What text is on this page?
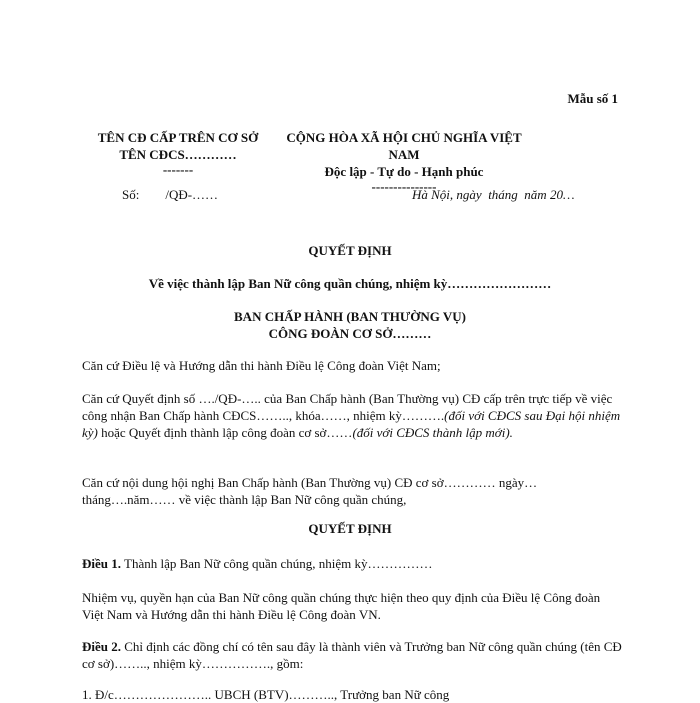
Mẫu số 1
TÊN CĐ CẤP TRÊN CƠ SỞ
TÊN CĐCS…………
-------
CỘNG HÒA XÃ HỘI CHỦ NGHĨA VIỆT NAM
Độc lập - Tự do - Hạnh phúc
---------------
Số:        /QĐ-……	Hà Nội, ngày  tháng  năm 20…
QUYẾT ĐỊNH
Về việc thành lập Ban Nữ công quần chúng, nhiệm kỳ……………………
BAN CHẤP HÀNH (BAN THƯỜNG VỤ)
CÔNG ĐOÀN CƠ SỞ………
Căn cứ Điều lệ và Hướng dẫn thi hành Điều lệ Công đoàn Việt Nam;
Căn cứ Quyết định số …./QĐ-….. của Ban Chấp hành (Ban Thường vụ) CĐ cấp trên trực tiếp về việc công nhận Ban Chấp hành CĐCS…….., khóa……, nhiệm kỳ……….(đối với CĐCS sau Đại hội nhiệm kỳ) hoặc Quyết định thành lập công đoàn cơ sở……(đối với CĐCS thành lập mới).
Căn cứ nội dung hội nghị Ban Chấp hành (Ban Thường vụ) CĐ cơ sở………… ngày… tháng….năm…… về việc thành lập Ban Nữ công quần chúng,
QUYẾT ĐỊNH
Điều 1. Thành lập Ban Nữ công quần chúng, nhiệm kỳ……………
Nhiệm vụ, quyền hạn của Ban Nữ công quần chúng thực hiện theo quy định của Điều lệ Công đoàn Việt Nam và Hướng dẫn thi hành Điều lệ Công đoàn VN.
Điều 2. Chỉ định các đồng chí có tên sau đây là thành viên và Trưởng ban Nữ công quần chúng (tên CĐ cơ sở)…….., nhiệm kỳ……………., gồm:
1. Đ/c………………….. UBCH (BTV)……….., Trưởng ban Nữ công
